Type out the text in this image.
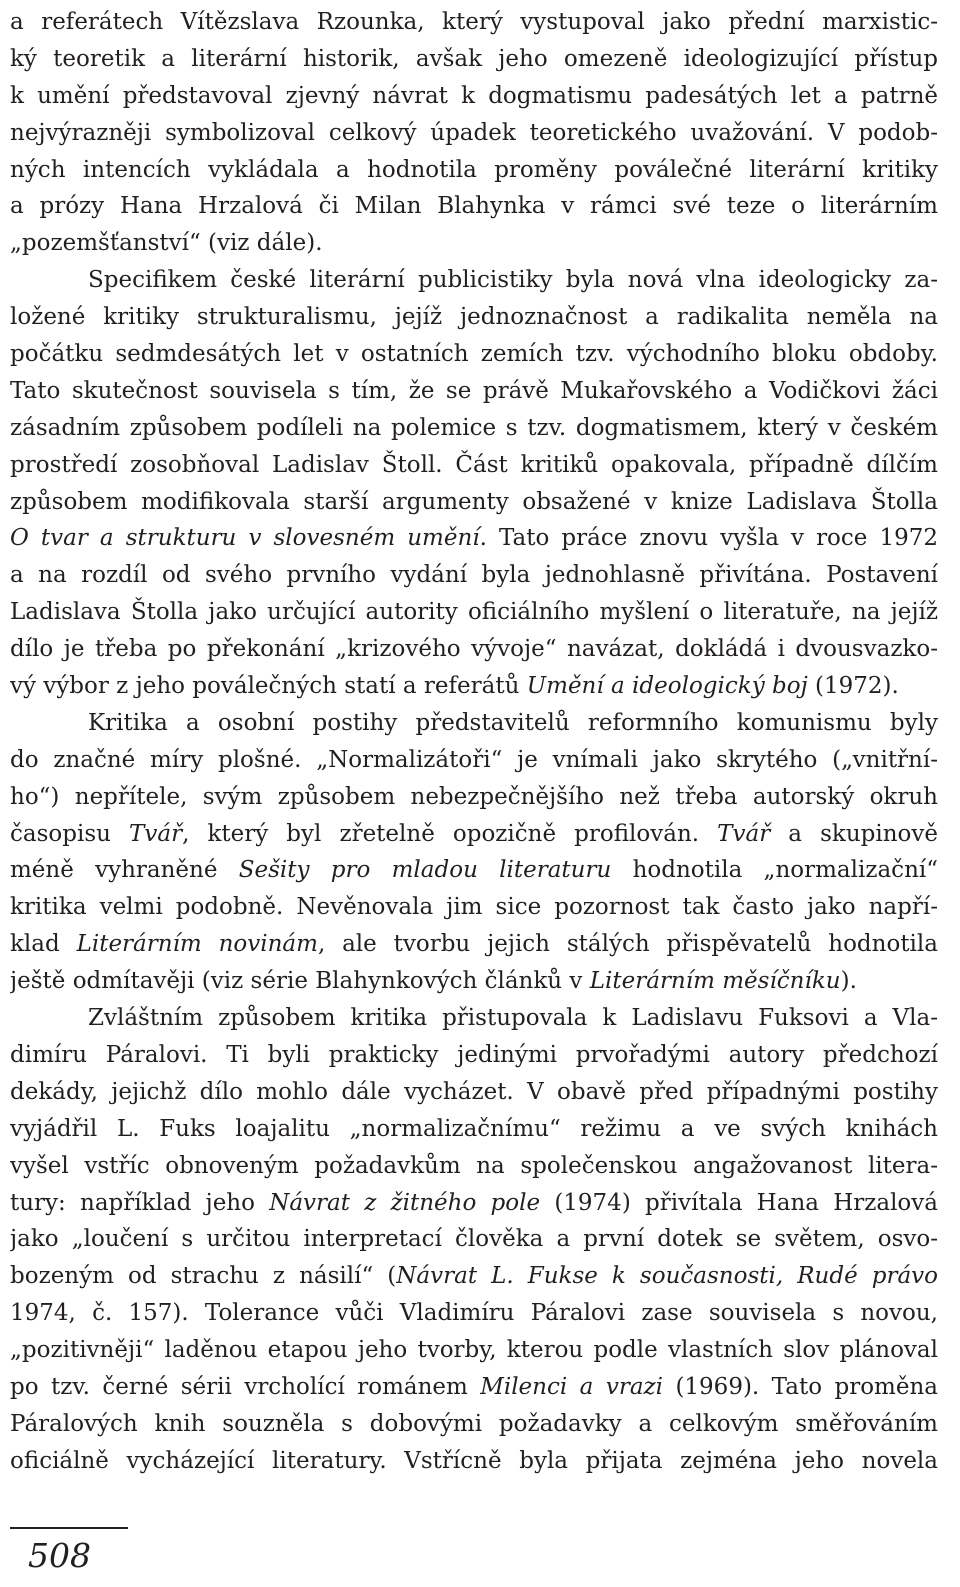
a referátech Vítězslava Rzounka, který vystupoval jako přední marxistic-
ký teoretik a literární historik, avšak jeho omezeně ideologizující přístup
k umění představoval zjevný návrat k dogmatismu padesátých let a patrně
nejvýrazněji symbolizoval celkový úpadek teoretického uvažování. V podob-
ných intencích vykládala a hodnotila proměny poválečné literární kritiky
a prózy Hana Hrzalová či Milan Blahynka v rámci své teze o literárním
„pozemšťanství“ (viz dále).
Specifikem české literární publicistiky byla nová vlna ideologicky za-
ložené kritiky strukturalismu, jejíž jednoznačnost a radikalita neměla na
počátku sedmdesátých let v ostatních zemích tzv. východního bloku obdoby.
Tato skutečnost souvisela s tím, že se právě Mukařovského a Vodičkovi žáci
zásadním způsobem podíleli na polemice s tzv. dogmatismem, který v českém
prostředí zosobňoval Ladislav Štoll. Část kritiků opakovala, případně dílčím
způsobem modifikovala starší argumenty obsažené v knize Ladislava Štolla
O tvar a strukturu v slovesném umění. Tato práce znovu vyšla v roce 1972
a na rozdíl od svého prvního vydání byla jednohlasně přivítána. Postavení
Ladislava Štolla jako určující autority oficiálního myšlení o literatuře, na jejíž
dílo je třeba po překonání „krizového vývoje“ navázat, dokládá i dvousvazko-
vý výbor z jeho poválečných statí a referátů Umění a ideologický boj (1972).
Kritika a osobní postihy představitelů reformního komunismu byly
do značné míry plošné. „Normalizátoři“ je vnímali jako skrytého („vnitřní-
ho“) nepřítele, svým způsobem nebezpečnějšího než třeba autorský okruh
časopisu Tvář, který byl zřetelně opozičně profilován. Tvář a skupinově
méně vyhraněné Sešity pro mladou literaturu hodnotila „normalizační“
kritika velmi podobně. Nevěnovala jim sice pozornost tak často jako napří-
klad Literárním novinám, ale tvorbu jejich stálých přispěvatelů hodnotila
ještě odmítavěji (viz série Blahynkových článků v Literárním měsíčníku).
Zvláštním způsobem kritika přistupovala k Ladislavu Fuksovi a Vla-
dimíru Páralovi. Ti byli prakticky jedinými prvořadými autory předchozí
dekády, jejichž dílo mohlo dále vycházet. V obavě před případnými postihy
vyjádřil L. Fuks loajalitu „normalizačnímu“ režimu a ve svých knihách
vyšel vstříc obnoveným požadavkům na společenskou angažovanost litera-
tury: například jeho Návrat z žitného pole (1974) přivítala Hana Hrzalová
jako „loučení s určitou interpretací člověka a první dotek se světem, osvo-
bozeným od strachu z násilí“ (Návrat L. Fukse k současnosti, Rudé právo
1974, č. 157). Tolerance vůči Vladimíru Páralovi zase souvisela s novou,
„pozitivněji“ laděnou etapou jeho tvorby, kterou podle vlastních slov plánoval
po tzv. černé sérii vrcholící románem Milenci a vrazi (1969). Tato proměna
Páralových knih souzněla s dobovými požadavky a celkovým směřováním
oficiálně vycházející literatury. Vstřícně byla přijata zejména jeho novela
508
